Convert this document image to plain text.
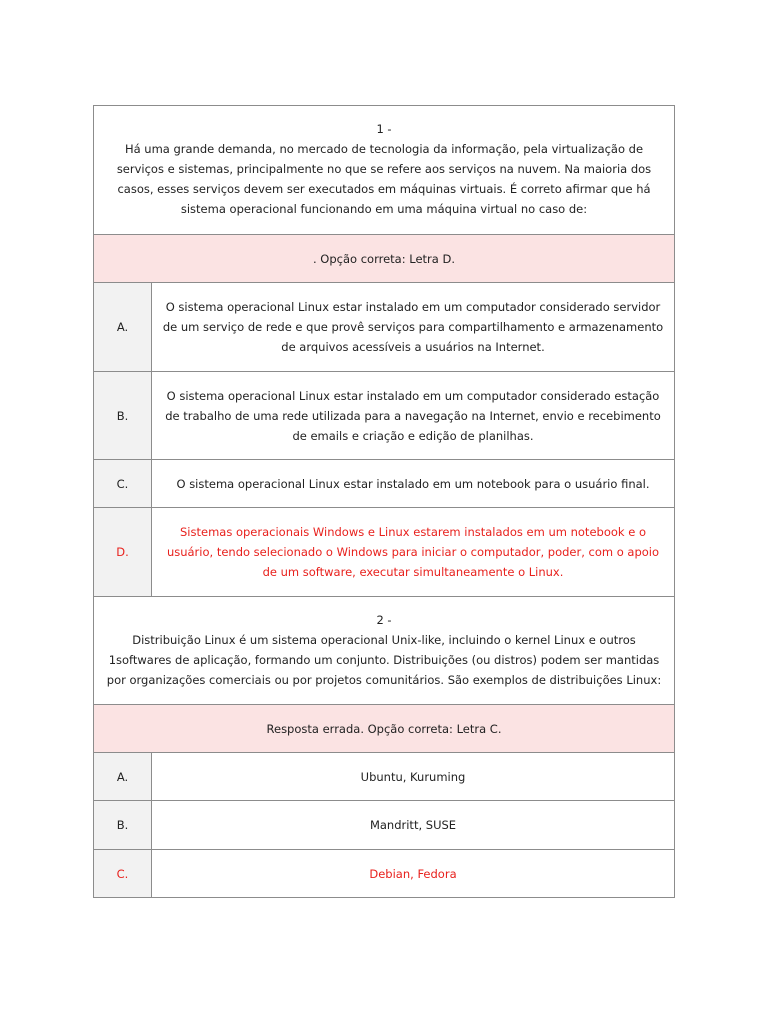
1 -
Há uma grande demanda, no mercado de tecnologia da informação, pela virtualização de serviços e sistemas, principalmente no que se refere aos serviços na nuvem. Na maioria dos casos, esses serviços devem ser executados em máquinas virtuais. É correto afirmar que há sistema operacional funcionando em uma máquina virtual no caso de:	

. Opção correta: Letra D.	
A.	O sistema operacional Linux estar instalado em um computador considerado servidor de um serviço de rede e que provê serviços para compartilhamento e armazenamento de arquivos acessíveis a usuários na Internet.
B.	O sistema operacional Linux estar instalado em um computador considerado estação de trabalho de uma rede utilizada para a navegação na Internet, envio e recebimento de emails e criação e edição de planilhas.
C.	O sistema operacional Linux estar instalado em um notebook para o usuário final.
D.	Sistemas operacionais Windows e Linux estarem instalados em um notebook e o usuário, tendo selecionado o Windows para iniciar o computador, poder, com o apoio de um software, executar simultaneamente o Linux.

2 -
Distribuição Linux é um sistema operacional Unix-like, incluindo o kernel Linux e outros 1softwares de aplicação, formando um conjunto. Distribuições (ou distros) podem ser mantidas por organizações comerciais ou por projetos comunitários. São exemplos de distribuições Linux:	

Resposta errada. Opção correta: Letra C.	
A.	Ubuntu, Kuruming
B.	Mandritt, SUSE
C.	Debian, Fedora
